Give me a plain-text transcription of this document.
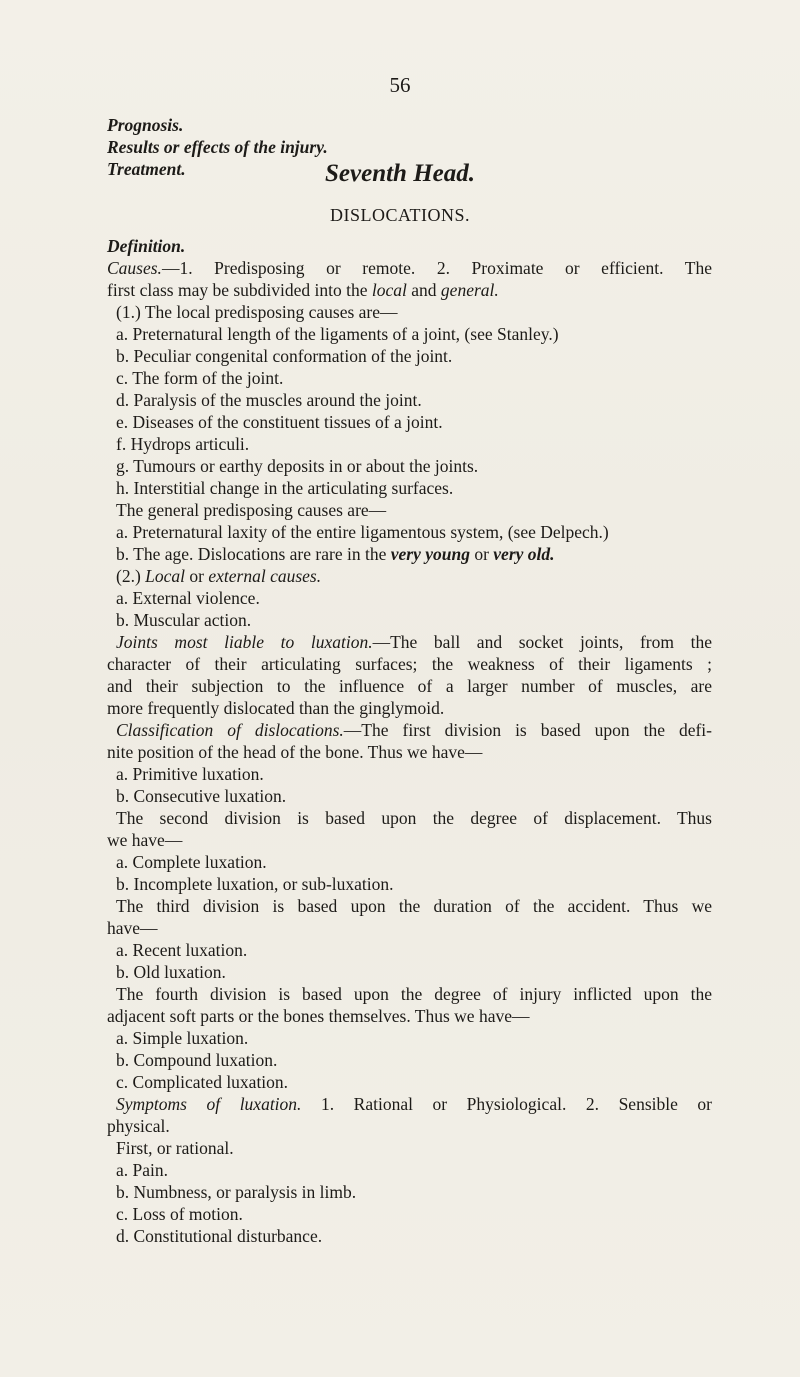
56
Prognosis.
Results or effects of the injury.
Treatment.	Seventh Head.
DISLOCATIONS.
Definition.
Causes.—1. Predisposing or remote. 2. Proximate or efficient. The
first class may be subdivided into the local and general.
(1.) The local predisposing causes are—
a. Preternatural length of the ligaments of a joint, (see Stanley.)
b. Peculiar congenital conformation of the joint.
c. The form of the joint.
d. Paralysis of the muscles around the joint.
e. Diseases of the constituent tissues of a joint.
f. Hydrops articuli.
g. Tumours or earthy deposits in or about the joints.
h. Interstitial change in the articulating surfaces.
The general predisposing causes are—
a. Preternatural laxity of the entire ligamentous system, (see Delpech.)
b. The age. Dislocations are rare in the very young or very old.
(2.) Local or external causes.
a. External violence.
b. Muscular action.
Joints most liable to luxation.—The ball and socket joints, from the
character of their articulating surfaces; the weakness of their ligaments ;
and their subjection to the influence of a larger number of muscles, are
more frequently dislocated than the ginglymoid.
Classification of dislocations.—The first division is based upon the defi-
nite position of the head of the bone. Thus we have—
a. Primitive luxation.
b. Consecutive luxation.
The second division is based upon the degree of displacement. Thus
we have—
a. Complete luxation.
b. Incomplete luxation, or sub-luxation.
The third division is based upon the duration of the accident. Thus we
have—
a. Recent luxation.
b. Old luxation.
The fourth division is based upon the degree of injury inflicted upon the
adjacent soft parts or the bones themselves. Thus we have—
a. Simple luxation.
b. Compound luxation.
c. Complicated luxation.
Symptoms of luxation. 1. Rational or Physiological. 2. Sensible or
physical.
First, or rational.
a. Pain.
b. Numbness, or paralysis in limb.
c. Loss of motion.
d. Constitutional disturbance.
